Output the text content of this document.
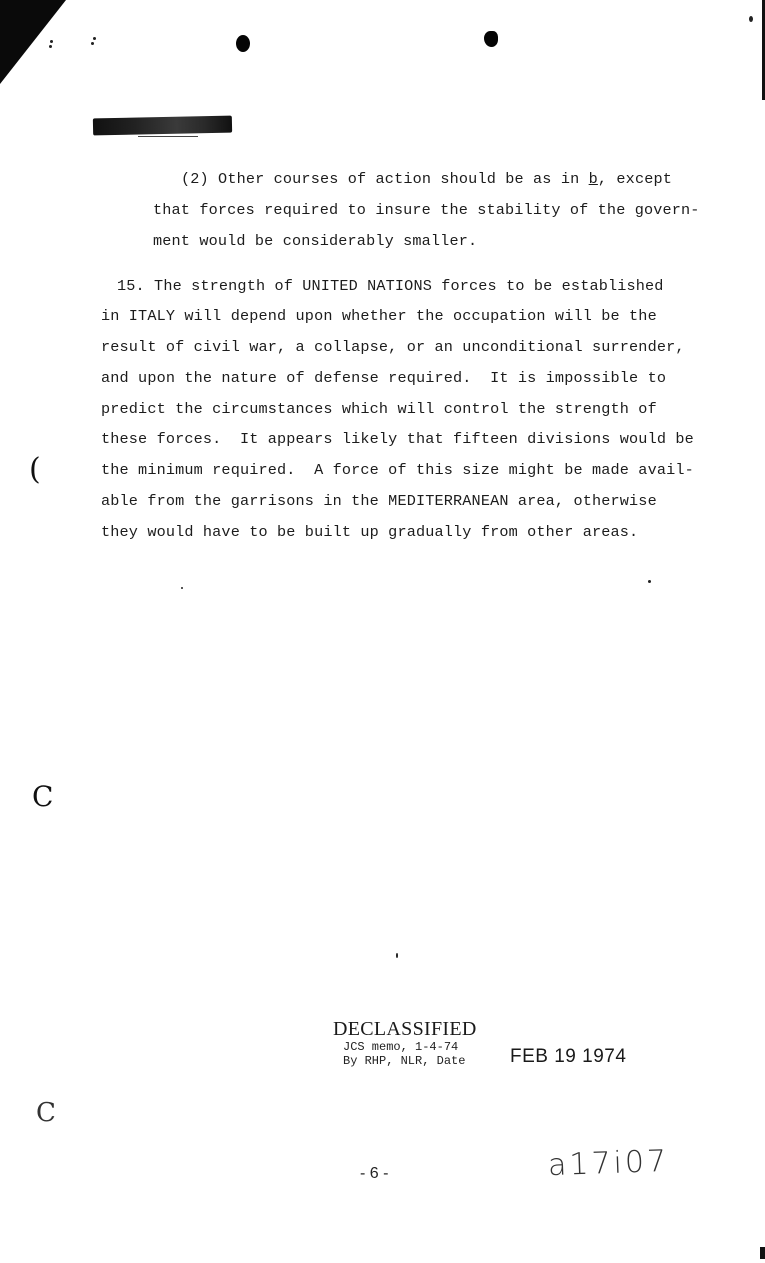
(2) Other courses of action should be as in b, except
that forces required to insure the stability of the govern-
ment would be considerably smaller.
15. The strength of UNITED NATIONS forces to be established
in ITALY will depend upon whether the occupation will be the
result of civil war, a collapse, or an unconditional surrender,
and upon the nature of defense required.  It is impossible to
predict the circumstances which will control the strength of
these forces.  It appears likely that fifteen divisions would be
the minimum required.  A force of this size might be made avail-
able from the garrisons in the MEDITERRANEAN area, otherwise
they would have to be built up gradually from other areas.
(
C
C
DECLASSIFIED
JCS memo, 1-4-74
By RHP, NLR, Date FEB 19 1974
- 6 -	a17i07
